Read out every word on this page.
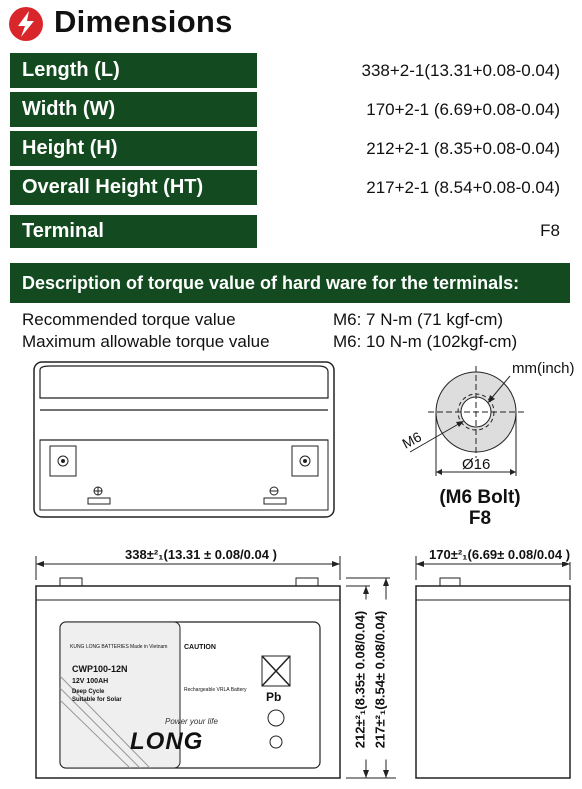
Dimensions
Length (L)	338+2-1(13.31+0.08-0.04)
Width (W)	170+2-1 (6.69+0.08-0.04)
Height (H)	212+2-1 (8.35+0.08-0.04)
Overall Height (HT)	217+2-1 (8.54+0.08-0.04)
Terminal	F8
Description of torque value of hard ware for the terminals:
Recommended torque value	M6: 7 N-m (71 kgf-cm)
Maximum allowable torque value	M6: 10 N-m (102kgf-cm)
mm(inch)
M6
Ø16
(M6 Bolt)
F8
338±²₁(13.31 ± 0.08/0.04 )
KUNG LONG BATTERIES Made in Vietnam
CWP100-12N
12V 100AH
Deep Cycle
Suitable for Solar
CAUTION
Rechargeable VRLA Battery
Power your life
LONG
Pb	212±²₁(8.35± 0.08/0.04) 217±²₁(8.54± 0.08/0.04)
170±²₁(6.69± 0.08/0.04 )
